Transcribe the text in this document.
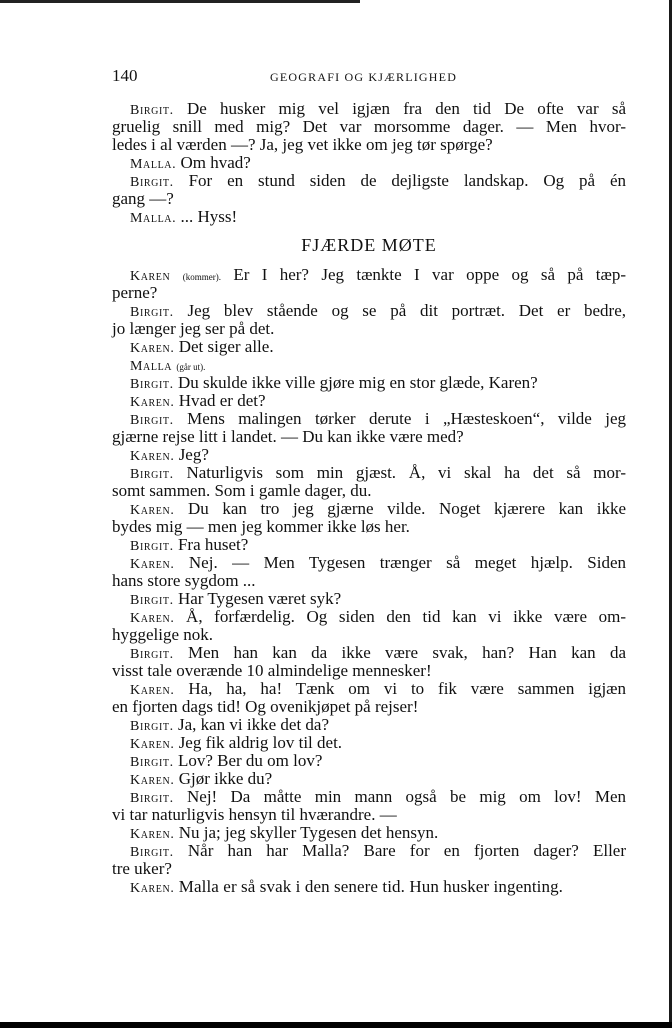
140	GEOGRAFI OG KJÆRLIGHED
Birgit. De husker mig vel igjæn fra den tid De ofte var så
gruelig snill med mig? Det var morsomme dager. — Men hvor-
ledes i al værden —? Ja, jeg vet ikke om jeg tør spørge?
Malla. Om hvad?
Birgit. For en stund siden de dejligste landskap. Og på én
gang —?
Malla. ... Hyss!
FJÆRDE MØTE
Karen (kommer). Er I her? Jeg tænkte I var oppe og så på tæp-
perne?
Birgit. Jeg blev stående og se på dit portræt. Det er bedre,
jo længer jeg ser på det.
Karen. Det siger alle.
Malla (går ut).
Birgit. Du skulde ikke ville gjøre mig en stor glæde, Karen?
Karen. Hvad er det?
Birgit. Mens malingen tørker derute i „Hæsteskoen“, vilde jeg
gjærne rejse litt i landet. — Du kan ikke være med?
Karen. Jeg?
Birgit. Naturligvis som min gjæst. Å, vi skal ha det så mor-
somt sammen. Som i gamle dager, du.
Karen. Du kan tro jeg gjærne vilde. Noget kjærere kan ikke
bydes mig — men jeg kommer ikke løs her.
Birgit. Fra huset?
Karen. Nej. — Men Tygesen trænger så meget hjælp. Siden
hans store sygdom ...
Birgit. Har Tygesen været syk?
Karen. Å, forfærdelig. Og siden den tid kan vi ikke være om-
hyggelige nok.
Birgit. Men han kan da ikke være svak, han? Han kan da
visst tale overænde 10 almindelige mennesker!
Karen. Ha, ha, ha! Tænk om vi to fik være sammen igjæn
en fjorten dags tid! Og ovenikjøpet på rejser!
Birgit. Ja, kan vi ikke det da?
Karen. Jeg fik aldrig lov til det.
Birgit. Lov? Ber du om lov?
Karen. Gjør ikke du?
Birgit. Nej! Da måtte min mann også be mig om lov! Men
vi tar naturligvis hensyn til hværandre. —
Karen. Nu ja; jeg skyller Tygesen det hensyn.
Birgit. Når han har Malla? Bare for en fjorten dager? Eller
tre uker?
Karen. Malla er så svak i den senere tid. Hun husker ingenting.
